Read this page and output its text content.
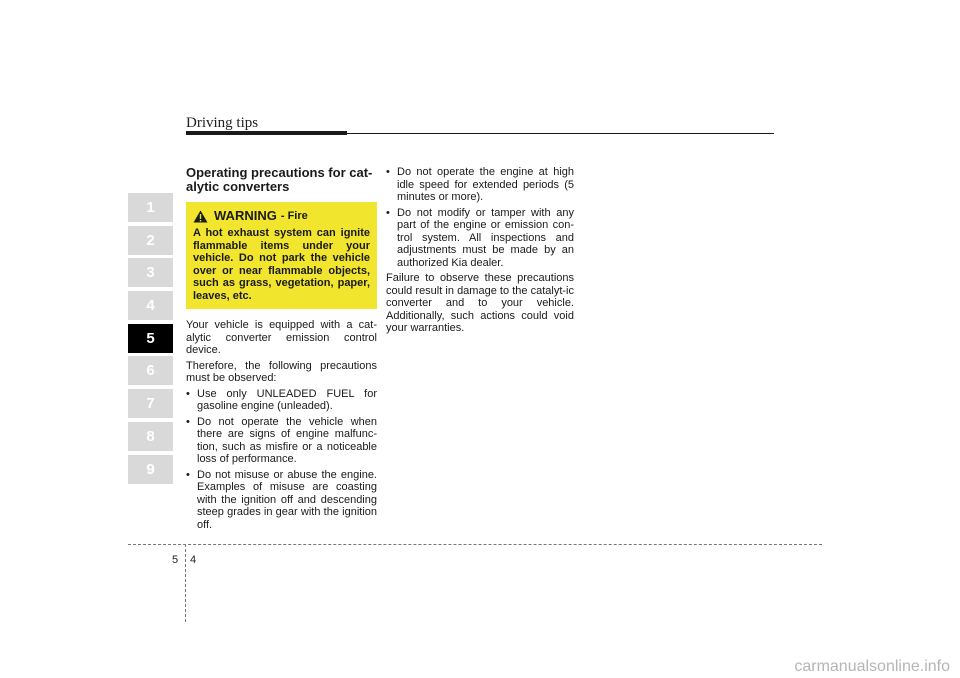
Driving tips
1
2
3
4
5
6
7
8
9
Operating precautions for cat-alytic converters
WARNING - Fire
A hot exhaust system can ignite flammable items under your vehicle. Do not park the vehicle over or near flammable objects, such as grass, vegetation, paper, leaves, etc.

Your vehicle is equipped with a cat-alytic converter emission control device.

Therefore, the following precautions must be observed:

• Use only UNLEADED FUEL for gasoline engine (unleaded).
• Do not operate the vehicle when there are signs of engine malfunc-tion, such as misfire or a noticeable loss of performance.
• Do not misuse or abuse the engine. Examples of misuse are coasting with the ignition off and descending steep grades in gear with the ignition off.
• Do not operate the engine at high idle speed for extended periods (5 minutes or more).
• Do not modify or tamper with any part of the engine or emission con-trol system. All inspections and adjustments must be made by an authorized Kia dealer.

Failure to observe these precautions could result in damage to the catalyt-ic converter and to your vehicle. Additionally, such actions could void your warranties.

5 4
carmanualsonline.info
